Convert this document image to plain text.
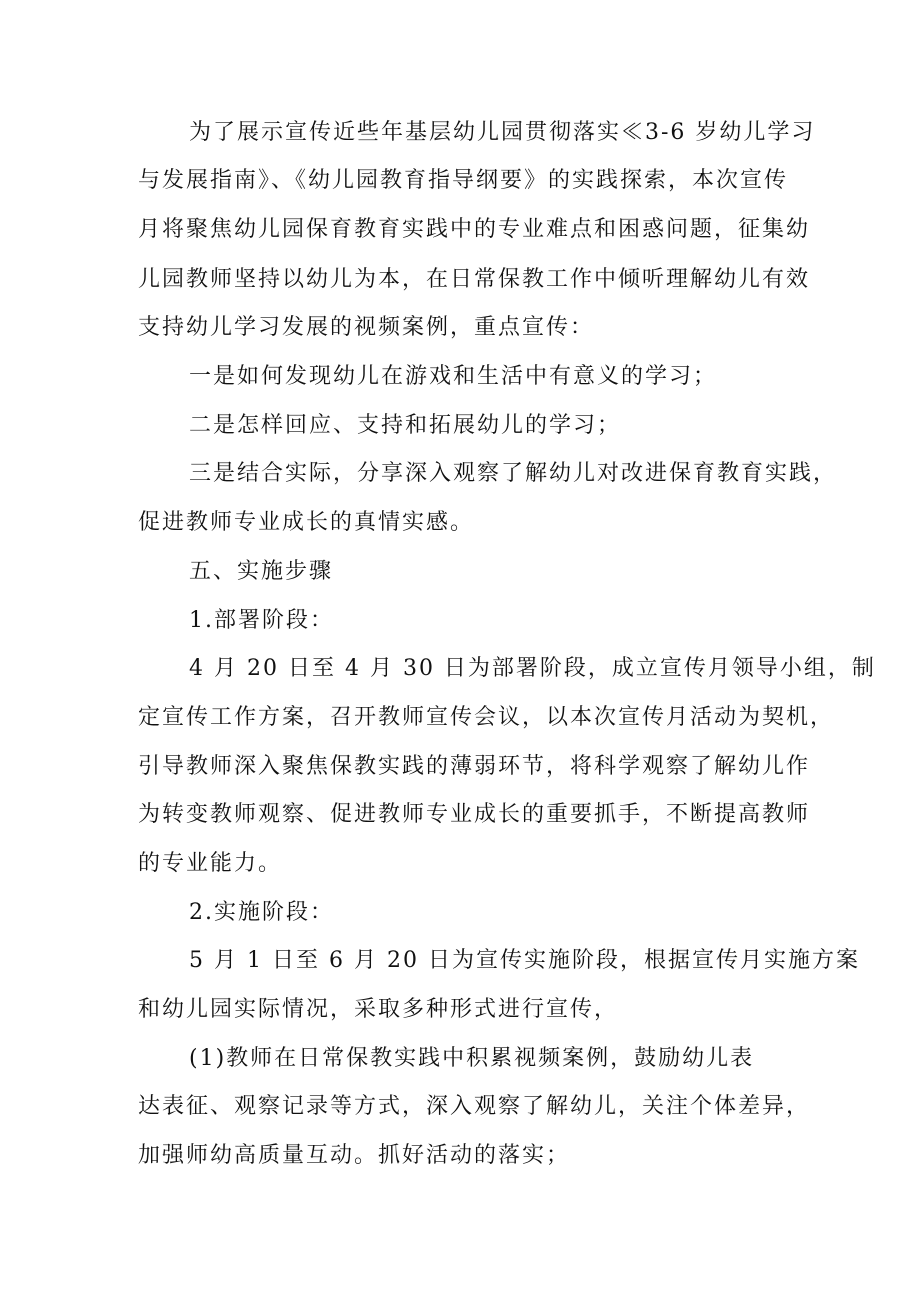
为了展示宣传近些年基层幼儿园贯彻落实≪3-6 岁幼儿学习
与发展指南》、《幼儿园教育指导纲要》的实践探索，本次宣传
月将聚焦幼儿园保育教育实践中的专业难点和困惑问题，征集幼
儿园教师坚持以幼儿为本，在日常保教工作中倾听理解幼儿有效
支持幼儿学习发展的视频案例，重点宣传：
一是如何发现幼儿在游戏和生活中有意义的学习；
二是怎样回应、支持和拓展幼儿的学习；
三是结合实际，分享深入观察了解幼儿对改进保育教育实践，
促进教师专业成长的真情实感。
五、实施步骤
1.部署阶段：
4 月 20 日至 4 月 30 日为部署阶段，成立宣传月领导小组，制
定宣传工作方案，召开教师宣传会议，以本次宣传月活动为契机，
引导教师深入聚焦保教实践的薄弱环节，将科学观察了解幼儿作
为转变教师观察、促进教师专业成长的重要抓手，不断提高教师
的专业能力。
2.实施阶段：
5 月 1 日至 6 月 20 日为宣传实施阶段，根据宣传月实施方案
和幼儿园实际情况，采取多种形式进行宣传，
(1)教师在日常保教实践中积累视频案例，鼓励幼儿表
达表征、观察记录等方式，深入观察了解幼儿，关注个体差异，
加强师幼高质量互动。抓好活动的落实；
